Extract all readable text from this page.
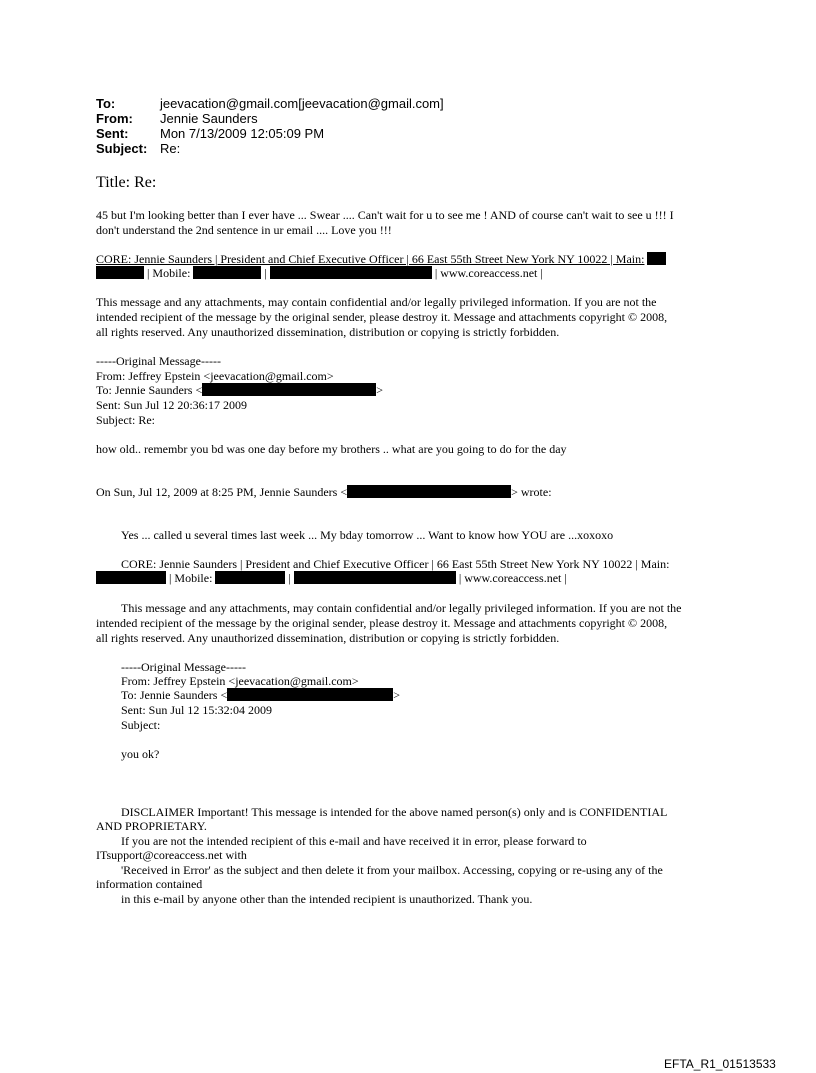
To:	jeevacation@gmail.com[jeevacation@gmail.com]
From:	Jennie Saunders
Sent:	Mon 7/13/2009 12:05:09 PM
Subject: Re:
Title: Re:
45 but I'm looking better than I ever have ... Swear .... Can't wait for u to see me ! AND of course can't wait to see u !!! I
don't understand the 2nd sentence in ur email .... Love you !!!
CORE: Jennie Saunders | President and Chief Executive Officer | 66 East 55th Street New York NY 10022 | Main:
| Mobile:	|	| www.coreaccess.net |
This message and any attachments, may contain confidential and/or legally privileged information. If you are not the
intended recipient of the message by the original sender, please destroy it. Message and attachments copyright © 2008,
all rights reserved. Any unauthorized dissemination, distribution or copying is strictly forbidden.
-----Original Message-----
From: Jeffrey Epstein <jeevacation@gmail.com>
To: Jennie Saunders <	>
Sent: Sun Jul 12 20:36:17 2009
Subject: Re:
how old.. remembr you bd was one day before my brothers .. what are you going to do for the day
On Sun, Jul 12, 2009 at 8:25 PM, Jennie Saunders <	> wrote:
Yes ... called u several times last week ... My bday tomorrow ... Want to know how YOU are ...xoxoxo
CORE: Jennie Saunders | President and Chief Executive Officer | 66 East 55th Street New York NY 10022 | Main:
| Mobile:	|	| www.coreaccess.net |
This message and any attachments, may contain confidential and/or legally privileged information. If you are not the
intended recipient of the message by the original sender, please destroy it. Message and attachments copyright © 2008,
all rights reserved. Any unauthorized dissemination, distribution or copying is strictly forbidden.
-----Original Message-----
From: Jeffrey Epstein <jeevacation@gmail.com>
To: Jennie Saunders <	>
Sent: Sun Jul 12 15:32:04 2009
Subject:
you ok?
DISCLAIMER Important! This message is intended for the above named person(s) only and is CONFIDENTIAL
AND PROPRIETARY.
If you are not the intended recipient of this e-mail and have received it in error, please forward to
ITsupport@coreaccess.net with
'Received in Error' as the subject and then delete it from your mailbox. Accessing, copying or re-using any of the
information contained
in this e-mail by anyone other than the intended recipient is unauthorized. Thank you.
EFTA_R1_01513533
